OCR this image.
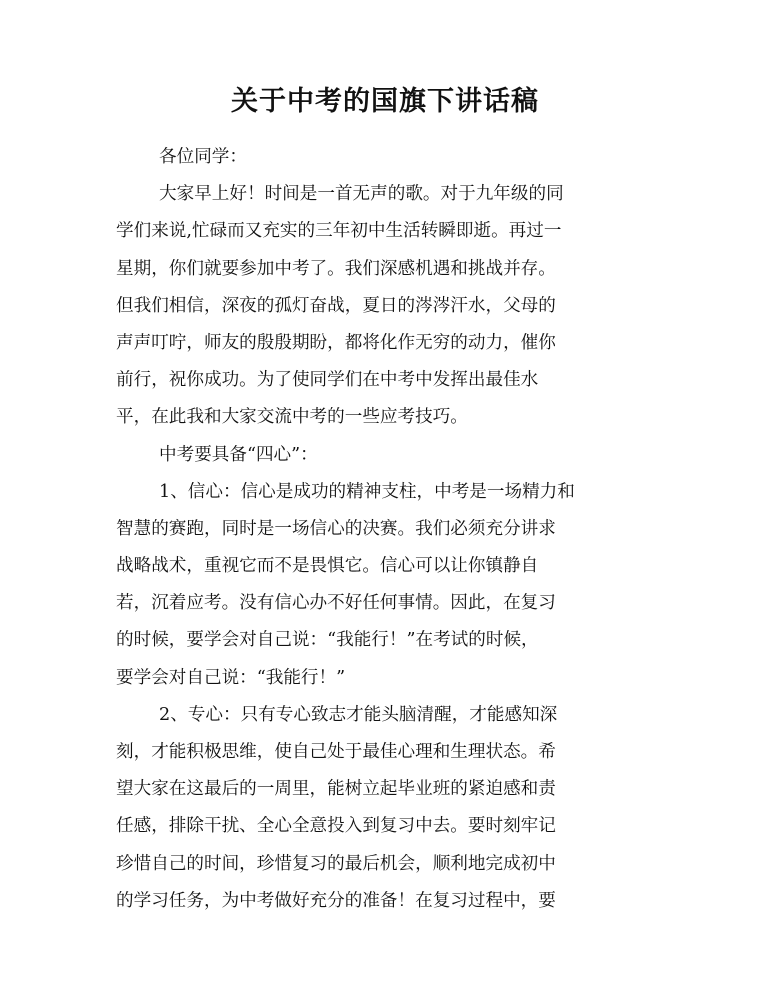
关于中考的国旗下讲话稿
各位同学：
大家早上好！时间是一首无声的歌。对于九年级的同
学们来说,忙碌而又充实的三年初中生活转瞬即逝。再过一
星期，你们就要参加中考了。我们深感机遇和挑战并存。
但我们相信，深夜的孤灯奋战，夏日的涔涔汗水，父母的
声声叮咛，师友的殷殷期盼，都将化作无穷的动力，催你
前行，祝你成功。为了使同学们在中考中发挥出最佳水
平，在此我和大家交流中考的一些应考技巧。
中考要具备“四心”：
1、信心：信心是成功的精神支柱，中考是一场精力和
智慧的赛跑，同时是一场信心的决赛。我们必须充分讲求
战略战术，重视它而不是畏惧它。信心可以让你镇静自
若，沉着应考。没有信心办不好任何事情。因此，在复习
的时候，要学会对自己说：“我能行！”在考试的时候，
要学会对自己说：“我能行！”
2、专心：只有专心致志才能头脑清醒，才能感知深
刻，才能积极思维，使自己处于最佳心理和生理状态。希
望大家在这最后的一周里，能树立起毕业班的紧迫感和责
任感，排除干扰、全心全意投入到复习中去。要时刻牢记
珍惜自己的时间，珍惜复习的最后机会，顺利地完成初中
的学习任务，为中考做好充分的准备！在复习过程中，要
